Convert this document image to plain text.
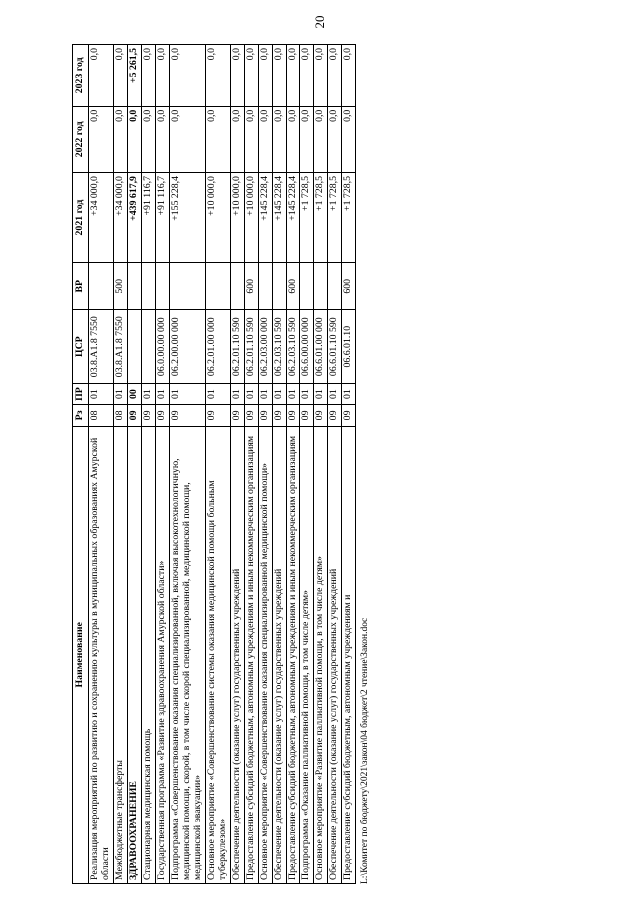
20
Наименование	Рз	ПР	ЦСР	ВР	2021 год	2022 год	2023 год
Реализация мероприятий по развитию и сохранению культуры в муниципальных образованиях Амурской области	08	01	03.8.А1.8 7550		+34 000,0	0,0	0,0
Межбюджетные трансферты	08	01	03.8.А1.8 7550	500	+34 000,0	0,0	0,0
ЗДРАВООХРАНЕНИЕ	09	00			+439 617,9	0,0	+5 261,5
Стационарная медицинская помощь	09	01			+91 116,7	0,0	0,0
Государственная программа «Развитие здравоохранения Амурской области»	09	01	06.0.00.00 000		+91 116,7	0,0	0,0
Подпрограмма «Совершенствование оказания специализированной, включая высокотехнологичную, медицинской помощи, скорой, в том числе скорой специализированной, медицинской помощи, медицинской эвакуации»	09	01	06.2.00.00 000		+155 228,4	0,0	0,0
Основное мероприятие «Совершенствование системы оказания медицинской помощи больным туберкулезом»	09	01	06.2.01.00 000		+10 000,0	0,0	0,0
Обеспечение деятельности (оказание услуг) государственных учреждений	09	01	06.2.01.10 590		+10 000,0	0,0	0,0
Предоставление субсидий бюджетным, автономным учреждениям и иным некоммерческим организациям	09	01	06.2.01.10 590	600	+10 000,0	0,0	0,0
Основное мероприятие «Совершенствование оказания специализированной медицинской помощи»	09	01	06.2.03.00 000		+145 228,4	0,0	0,0
Обеспечение деятельности (оказание услуг) государственных учреждений	09	01	06.2.03.10 590		+145 228,4	0,0	0,0
Предоставление субсидий бюджетным, автономным учреждениям и иным некоммерческим организациям	09	01	06.2.03.10 590	600	+145 228,4	0,0	0,0
Подпрограмма «Оказание паллиативной помощи, в том числе детям»	09	01	06.6.00.00 000		+1 728,5	0,0	0,0
Основное мероприятие «Развитие паллиативной помощи, в том числе детям»	09	01	06.6.01.00 000		+1 728,5	0,0	0,0
Обеспечение деятельности (оказание услуг) государственных учреждений	09	01	06.6.01.10 590		+1 728,5	0,0	0,0
Предоставление субсидий бюджетным, автономным учреждениям и	09	01	06.6.01.10	600	+1 728,5	0,0	0,0
L:\Комитет по бюджету\2021\закон\04 бюджет\2 чтение\Закон.doc
